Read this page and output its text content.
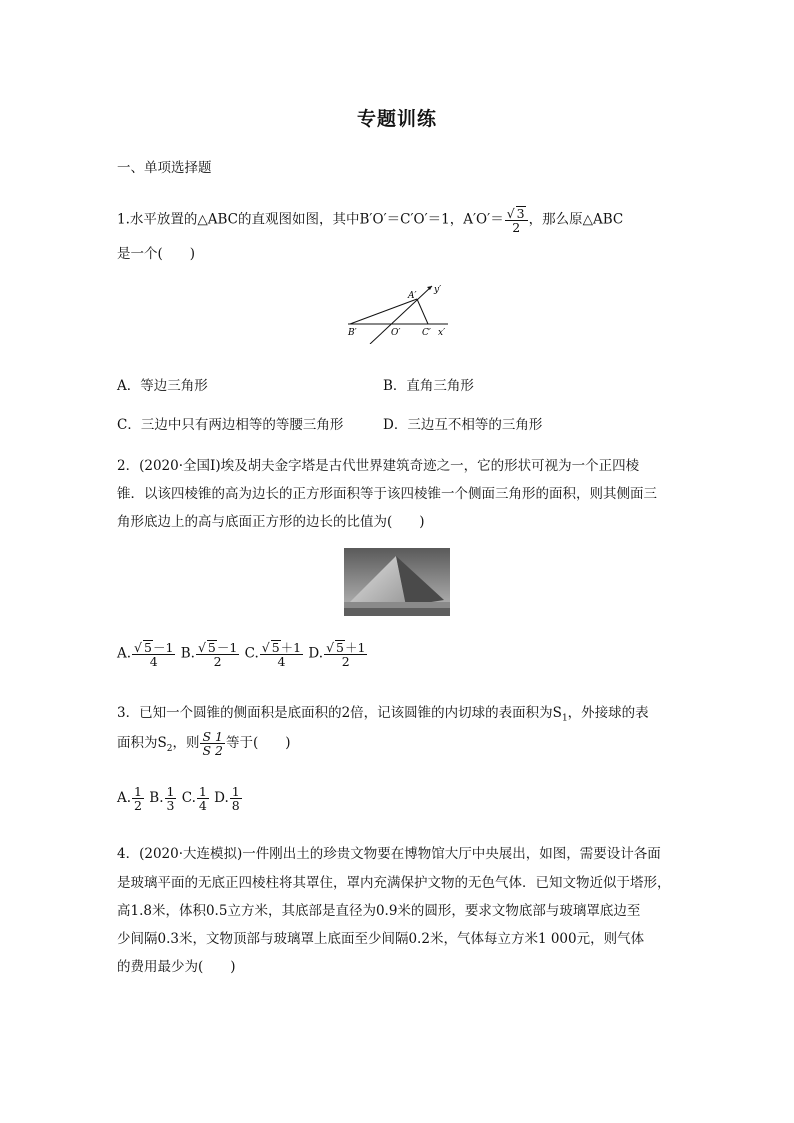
专题训练
一、单项选择题
1.水平放置的△ABC的直观图如图，其中B′O′＝C′O′＝1，$A'O'= \frac{√ 3}{2}$ ，那么原△ABC
是一个(　　)
A′
B′	O′ C′ x′
y′
A．等边三角形	B．直角三角形
C．三边中只有两边相等的等腰三角形	D．三边互不相等的三角形
2．(2020·全国Ⅰ)埃及胡夫金字塔是古代世界建筑奇迹之一，它的形状可视为一个正四棱
锥．以该四棱锥的高为边长的正方形面积等于该四棱锥一个侧面三角形的面积，则其侧面三
角形底边上的高与底面正方形的边长的比值为(　　)
A. $\frac{√ 5-1}{4} B$. $\frac{√ 5-1}{2} C$. $\frac{√ 5+1}{4} D$. $\frac{√ 5+1}{2}$
3．已知一个圆锥的侧面积是底面积的2倍，记该圆锥的内切球的表面积为$S_1$，外接球的表
面积为$S_2$，则 $\frac{S 1}{S 2}$ 等于(　　)
A. $\frac{1}{2} B$. $\frac{1}{3} C$. $\frac{1}{4} D$. $\frac{1}{8}$
4．(2020·大连模拟)一件刚出土的珍贵文物要在博物馆大厅中央展出，如图，需要设计各面
是玻璃平面的无底正四棱柱将其罩住，罩内充满保护文物的无色气体．已知文物近似于塔形，
高1.8米，体积0.5立方米，其底部是直径为0.9米的圆形，要求文物底部与玻璃罩底边至
少间隔0.3米，文物顶部与玻璃罩上底面至少间隔0.2米，气体每立方米1 000元，则气体
的费用最少为(　　)
